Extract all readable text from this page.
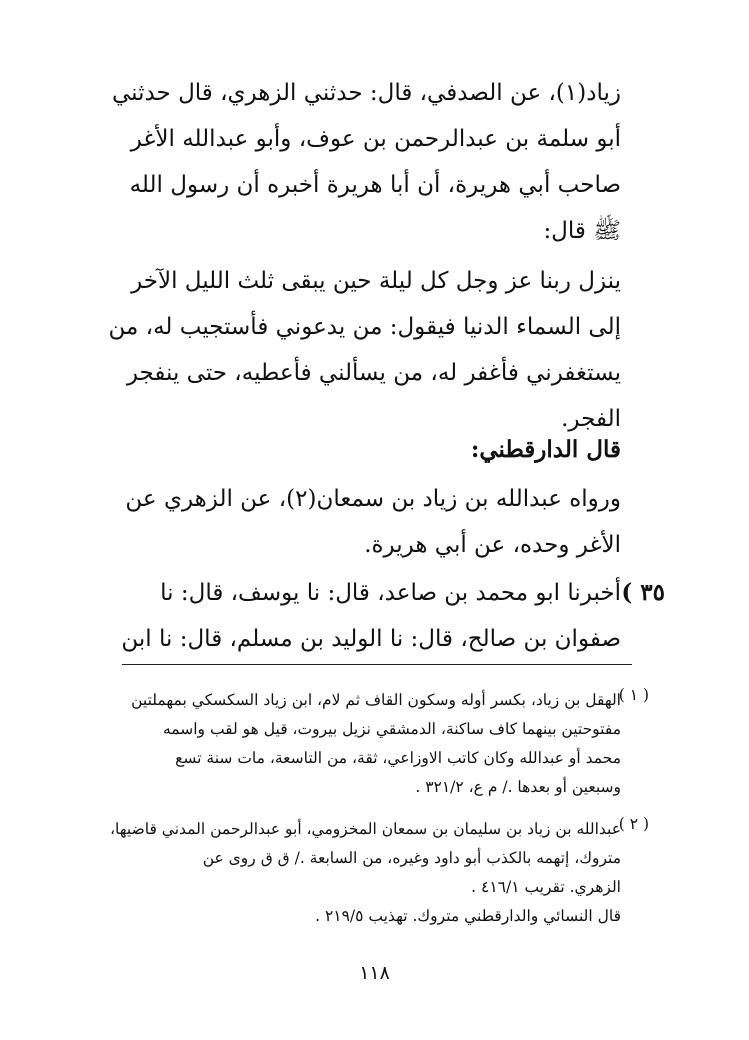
زياد(١)، عن الصدفي، قال: حدثني الزهري، قال حدثني
أبو سلمة بن عبدالرحمن بن عوف، وأبو عبدالله الأغر
صاحب أبي هريرة، أن أبا هريرة أخبره أن رسول الله
ﷺ قال:
ينزل ربنا عز وجل كل ليلة حين يبقى ثلث الليل الآخر
إلى السماء الدنيا فيقول: من يدعوني فأستجيب له، من
يستغفرني فأغفر له، من يسألني فأعطيه، حتى ينفجر
الفجر.
قال الدارقطني:
ورواه عبدالله بن زياد بن سمعان(٢)، عن الزهري عن
الأغر وحده، عن أبي هريرة.
٣٥ )
أخبرنا ابو محمد بن صاعد، قال: نا يوسف، قال: نا
صفوان بن صالح، قال: نا الوليد بن مسلم، قال: نا ابن
( ١ )
الهقل بن زياد، بكسر أوله وسكون القاف ثم لام، ابن زياد السكسكي بمهملتين
مفتوحتين بينهما كاف ساكنة، الدمشقي نزيل بيروت، قيل هو لقب واسمه
محمد أو عبدالله وكان كاتب الاوزاعي، ثقة، من التاسعة، مات سنة تسع
وسبعين أو بعدها ./ م ع، ٣٢١/٢ .
( ٢ )
عبدالله بن زياد بن سليمان بن سمعان المخزومي، أبو عبدالرحمن المدني قاضيها،
متروك، إتهمه بالكذب أبو داود وغيره، من السابعة ./ ق ق روى عن
الزهري. تقريب ٤١٦/١ .
قال النسائي والدارقطني متروك. تهذيب ٢١٩/٥ .
١١٨
